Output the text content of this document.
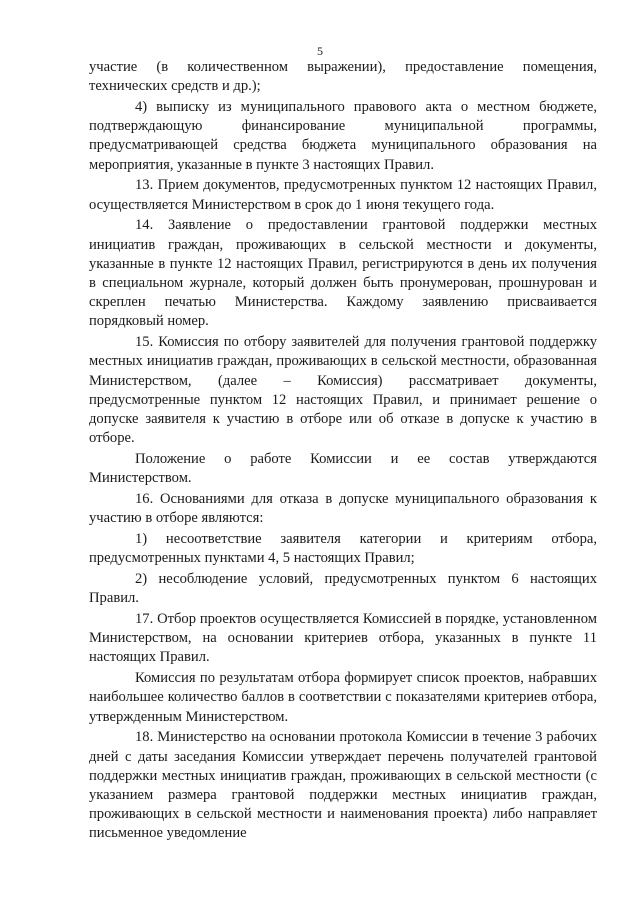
5

участие (в количественном выражении), предоставление помещения, технических средств и др.);

4) выписку из муниципального правового акта о местном бюджете, подтверждающую финансирование муниципальной программы, предусматривающей средства бюджета муниципального образования на мероприятия, указанные в пункте 3 настоящих Правил.

13. Прием документов, предусмотренных пунктом 12 настоящих Правил, осуществляется Министерством в срок до 1 июня текущего года.

14. Заявление о предоставлении грантовой поддержки местных инициатив граждан, проживающих в сельской местности и документы, указанные в пункте 12 настоящих Правил, регистрируются в день их получения в специальном журнале, который должен быть пронумерован, прошнурован и скреплен печатью Министерства. Каждому заявлению присваивается порядковый номер.

15. Комиссия по отбору заявителей для получения грантовой поддержку местных инициатив граждан, проживающих в сельской местности, образованная Министерством, (далее – Комиссия) рассматривает документы, предусмотренные пунктом 12 настоящих Правил, и принимает решение о допуске заявителя к участию в отборе или об отказе в допуске к участию в отборе.

Положение о работе Комиссии и ее состав утверждаются Министерством.

16. Основаниями для отказа в допуске муниципального образования к участию в отборе являются:

1) несоответствие заявителя категории и критериям отбора, предусмотренных пунктами 4, 5 настоящих Правил;

2) несоблюдение условий, предусмотренных пунктом 6 настоящих Правил.

17. Отбор проектов осуществляется Комиссией в порядке, установленном Министерством, на основании критериев отбора, указанных в пункте 11 настоящих Правил.

Комиссия по результатам отбора формирует список проектов, набравших наибольшее количество баллов в соответствии с показателями критериев отбора, утвержденным Министерством.

18. Министерство на основании протокола Комиссии в течение 3 рабочих дней с даты заседания Комиссии утверждает перечень получателей грантовой поддержки местных инициатив граждан, проживающих в сельской местности (с указанием размера грантовой поддержки местных инициатив граждан, проживающих в сельской местности и наименования проекта) либо направляет письменное уведомление
